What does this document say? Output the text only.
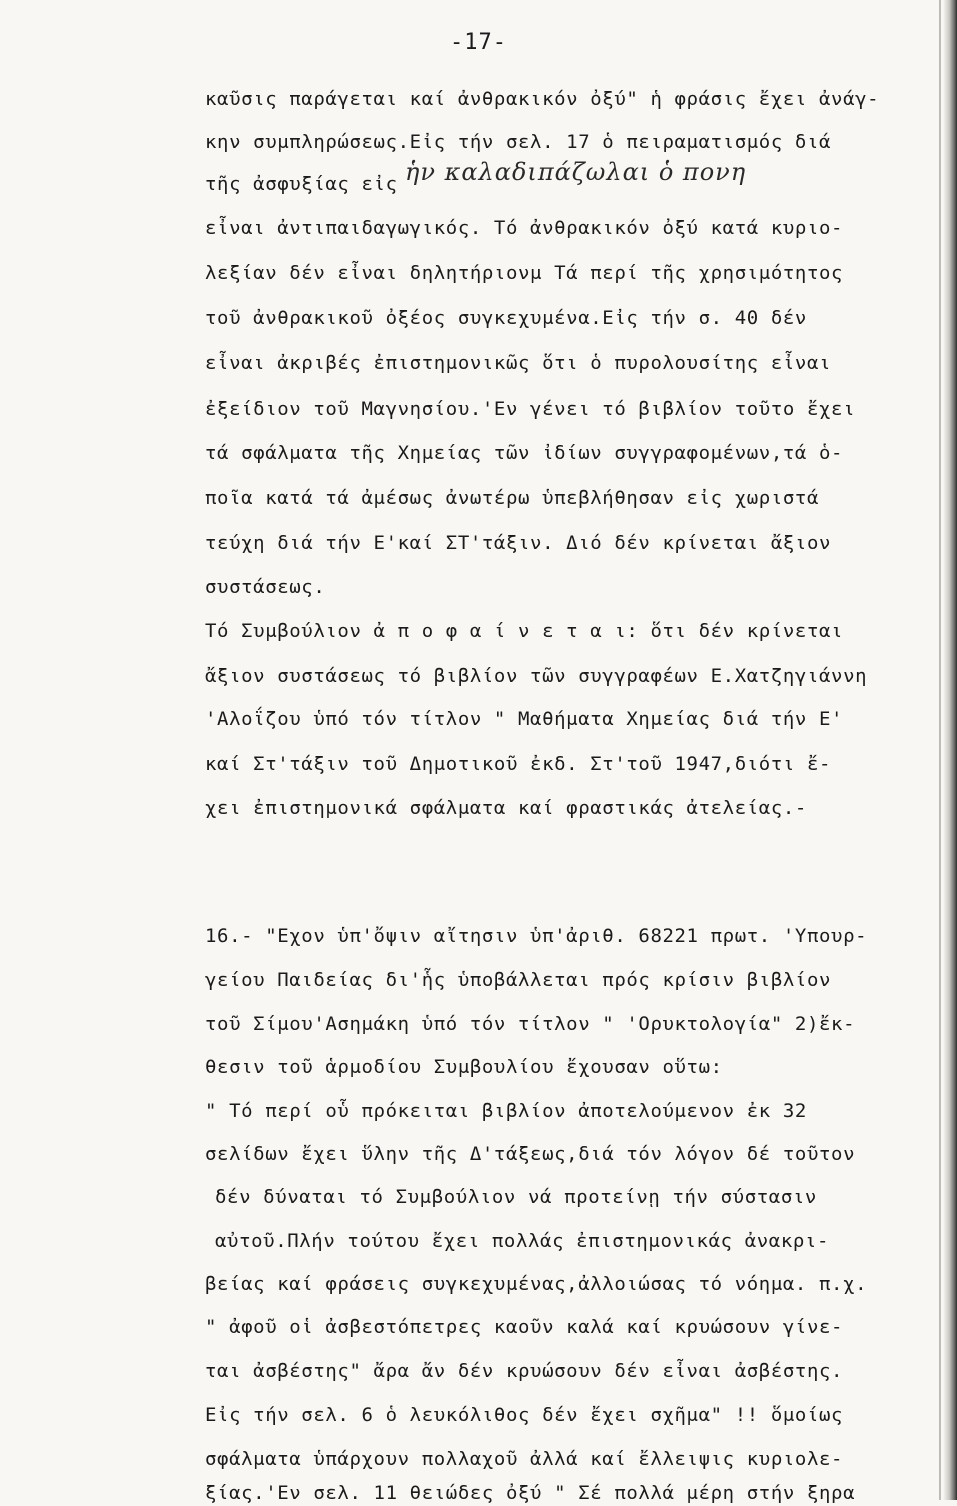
-17-
καῦσις παράγεται καί ἀνθρακικόν ὀξύ" ἡ φράσις ἔχει ἀνάγ-
κην συμπληρώσεως.Εἰς τήν σελ. 17 ὁ πειραματισμός διά
τῆς ἀσφυξίας εἰς ἡν καλαδιπάζωλαι ὁ πονη
εἶναι ἀντιπαιδαγωγικός. Τό ἀνθρακικόν ὀξύ κατά κυριο-
λεξίαν δέν εἶναι δηλητήριονμ Τά περί τῆς χρησιμότητος
τοῦ ἀνθρακικοῦ ὀξέος συγκεχυμένα.Εἰς τήν σ. 40 δέν
εἶναι ἀκριβές ἐπιστημονικῶς ὅτι ὁ πυρολουσίτης εἶναι
ἐξείδιον τοῦ Μαγνησίου.'Εν γένει τό βιβλίον τοῦτο ἔχει
τά σφάλματα τῆς Χημείας τῶν ἰδίων συγγραφομένων,τά ὁ-
ποῖα κατά τά ἀμέσως ἀνωτέρω ὑπεβλήθησαν εἰς χωριστά
τεύχη διά τήν Ε'καί ΣΤ'τάξιν. Διό δέν κρίνεται ἄξιον
συστάσεως.
Τό Συμβούλιον ἀ π ο φ α ί ν ε τ α ι: ὅτι δέν κρίνεται
ἄξιον συστάσεως τό βιβλίον τῶν συγγραφέων Ε.Χατζηγιάννη
'Αλοΐζου ὑπό τόν τίτλον " Μαθήματα Χημείας διά τήν Ε'
καί Στ'τάξιν τοῦ Δημοτικοῦ ἐκδ. Στ'τοῦ 1947,διότι ἔ-
χει ἐπιστημονικά σφάλματα καί φραστικάς ἀτελείας.-
16.- "Εχον ὑπ'ὄψιν αἴτησιν ὑπ'ἀριθ. 68221 πρωτ. 'Υπουρ-
γείου Παιδείας δι'ἧς ὑποβάλλεται πρός κρίσιν βιβλίον
τοῦ Σίμου'Ασημάκη ὑπό τόν τίτλον " 'Ορυκτολογία" 2)ἔκ-
θεσιν τοῦ ἁρμοδίου Συμβουλίου ἔχουσαν οὕτω:
" Τό περί οὗ πρόκειται βιβλίον ἀποτελούμενον ἐκ 32
σελίδων ἔχει ὕλην τῆς Δ'τάξεως,διά τόν λόγον δέ τοῦτον
δέν δύναται τό Συμβούλιον νά προτείνῃ τήν σύστασιν
αὐτοῦ.Πλήν τούτου ἔχει πολλάς ἐπιστημονικάς ἀνακρι-
βείας καί φράσεις συγκεχυμένας,ἀλλοιώσας τό νόημα. π.χ.
" ἀφοῦ οἱ ἀσβεστόπετρες καοῦν καλά καί κρυώσουν γίνε-
ται ἀσβέστης" ἄρα ἄν δέν κρυώσουν δέν εἶναι ἀσβέστης.
Εἰς τήν σελ. 6 ὁ λευκόλιθος δέν ἔχει σχῆμα" !! ὅμοίως
σφάλματα ὑπάρχουν πολλαχοῦ ἀλλά καί ἔλλειψις κυριολε-
ξίας.'Εν σελ. 11 θειώδες ὀξύ " Σέ πολλά μέρη στήν ξηρα
